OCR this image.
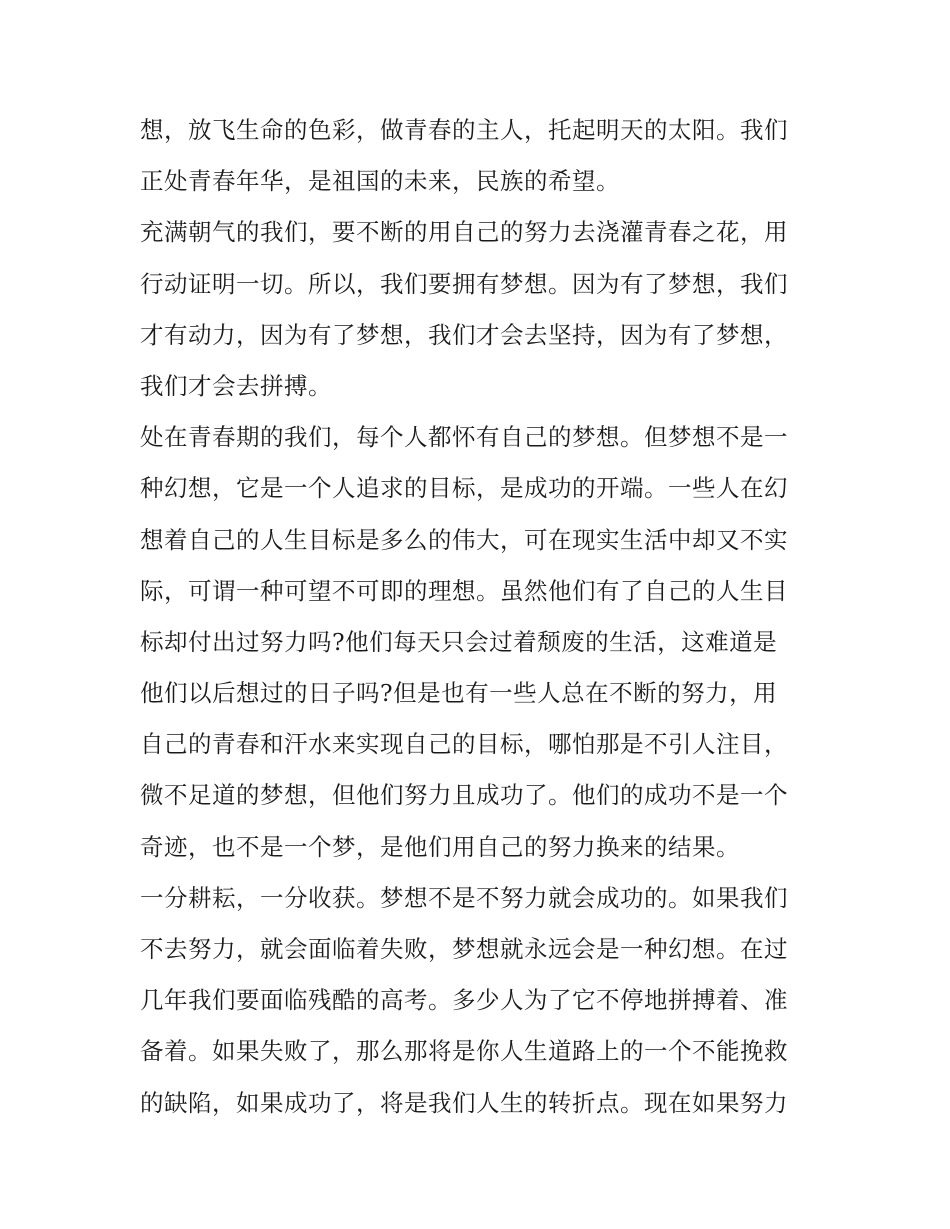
想，放飞生命的色彩，做青春的主人，托起明天的太阳。我们
正处青春年华，是祖国的未来，民族的希望。
充满朝气的我们，要不断的用自己的努力去浇灌青春之花，用
行动证明一切。所以，我们要拥有梦想。因为有了梦想，我们
才有动力，因为有了梦想，我们才会去坚持，因为有了梦想，
我们才会去拼搏。
处在青春期的我们，每个人都怀有自己的梦想。但梦想不是一
种幻想，它是一个人追求的目标，是成功的开端。一些人在幻
想着自己的人生目标是多么的伟大，可在现实生活中却又不实
际，可谓一种可望不可即的理想。虽然他们有了自己的人生目
标却付出过努力吗?他们每天只会过着颓废的生活，这难道是
他们以后想过的日子吗?但是也有一些人总在不断的努力，用
自己的青春和汗水来实现自己的目标，哪怕那是不引人注目，
微不足道的梦想，但他们努力且成功了。他们的成功不是一个
奇迹，也不是一个梦，是他们用自己的努力换来的结果。
一分耕耘，一分收获。梦想不是不努力就会成功的。如果我们
不去努力，就会面临着失败，梦想就永远会是一种幻想。在过
几年我们要面临残酷的高考。多少人为了它不停地拼搏着、准
备着。如果失败了，那么那将是你人生道路上的一个不能挽救
的缺陷，如果成功了，将是我们人生的转折点。现在如果努力
